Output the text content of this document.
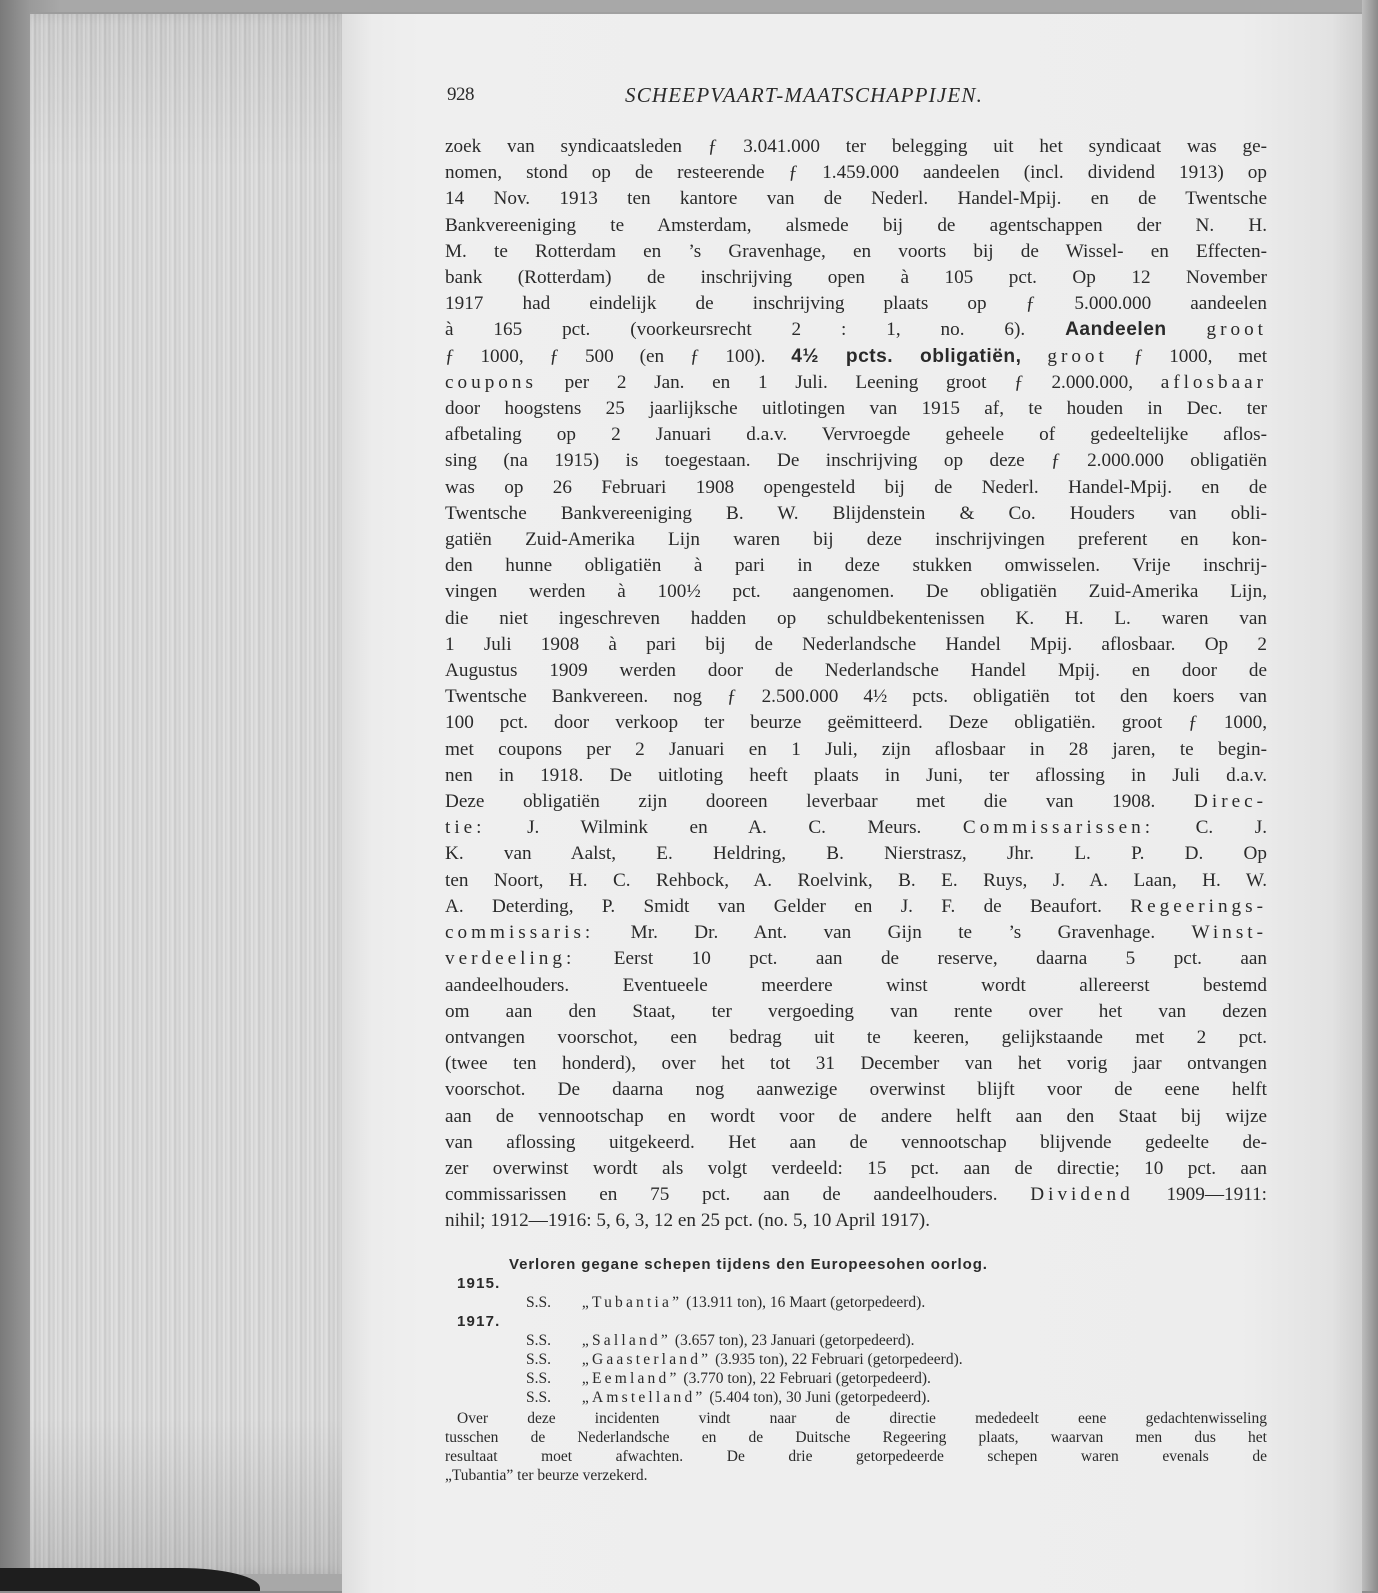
928	SCHEEPVAART-MAATSCHAPPIJEN.
zoek van syndicaatsleden ƒ 3.041.000 ter belegging uit het syndicaat was ge-
nomen, stond op de resteerende ƒ 1.459.000 aandeelen (incl. dividend 1913) op
14 Nov. 1913 ten kantore van de Nederl. Handel-Mpij. en de Twentsche
Bankvereeniging te Amsterdam, alsmede bij de agentschappen der N. H.
M. te Rotterdam en ’s Gravenhage, en voorts bij de Wissel- en Effecten-
bank (Rotterdam) de inschrijving open à 105 pct. Op 12 November
1917 had eindelijk de inschrijving plaats op ƒ 5.000.000 aandeelen
à 165 pct. (voorkeursrecht 2 : 1, no. 6). Aandeelen groot
ƒ 1000, ƒ 500 (en ƒ 100). 4½ pcts. obligatiën, groot ƒ 1000, met
coupons per 2 Jan. en 1 Juli. Leening groot ƒ 2.000.000, aflosbaar
door hoogstens 25 jaarlijksche uitlotingen van 1915 af, te houden in Dec. ter
afbetaling op 2 Januari d.a.v. Vervroegde geheele of gedeeltelijke aflos-
sing (na 1915) is toegestaan. De inschrijving op deze ƒ 2.000.000 obligatiën
was op 26 Februari 1908 opengesteld bij de Nederl. Handel-Mpij. en de
Twentsche Bankvereeniging B. W. Blijdenstein & Co. Houders van obli-
gatiën Zuid-Amerika Lijn waren bij deze inschrijvingen preferent en kon-
den hunne obligatiën à pari in deze stukken omwisselen. Vrije inschrij-
vingen werden à 100½ pct. aangenomen. De obligatiën Zuid-Amerika Lijn,
die niet ingeschreven hadden op schuldbekentenissen K. H. L. waren van
1 Juli 1908 à pari bij de Nederlandsche Handel Mpij. aflosbaar. Op 2
Augustus 1909 werden door de Nederlandsche Handel Mpij. en door de
Twentsche Bankvereen. nog ƒ 2.500.000 4½ pcts. obligatiën tot den koers van
100 pct. door verkoop ter beurze geëmitteerd. Deze obligatiën. groot ƒ 1000,
met coupons per 2 Januari en 1 Juli, zijn aflosbaar in 28 jaren, te begin-
nen in 1918. De uitloting heeft plaats in Juni, ter aflossing in Juli d.a.v.
Deze obligatiën zijn dooreen leverbaar met die van 1908. Direc-
tie: J. Wilmink en A. C. Meurs. Commissarissen: C. J.
K. van Aalst, E. Heldring, B. Nierstrasz, Jhr. L. P. D. Op
ten Noort, H. C. Rehbock, A. Roelvink, B. E. Ruys, J. A. Laan, H. W.
A. Deterding, P. Smidt van Gelder en J. F. de Beaufort. Regeerings-
commissaris: Mr. Dr. Ant. van Gijn te ’s Gravenhage. Winst-
verdeeling: Eerst 10 pct. aan de reserve, daarna 5 pct. aan
aandeelhouders. Eventueele meerdere winst wordt allereerst bestemd
om aan den Staat, ter vergoeding van rente over het van dezen
ontvangen voorschot, een bedrag uit te keeren, gelijkstaande met 2 pct.
(twee ten honderd), over het tot 31 December van het vorig jaar ontvangen
voorschot. De daarna nog aanwezige overwinst blijft voor de eene helft
aan de vennootschap en wordt voor de andere helft aan den Staat bij wijze
van aflossing uitgekeerd. Het aan de vennootschap blijvende gedeelte de-
zer overwinst wordt als volgt verdeeld: 15 pct. aan de directie; 10 pct. aan
commissarissen en 75 pct. aan de aandeelhouders. Dividend 1909—1911:
nihil; 1912—1916: 5, 6, 3, 12 en 25 pct. (no. 5, 10 April 1917).
Verloren gegane schepen tijdens den Europeesohen oorlog.
1915.
S.S. „Tubantia” (13.911 ton), 16 Maart (getorpedeerd).
1917.
S.S. „Salland” (3.657 ton), 23 Januari (getorpedeerd).
S.S. „Gaasterland” (3.935 ton), 22 Februari (getorpedeerd).
S.S. „Eemland” (3.770 ton), 22 Februari (getorpedeerd).
S.S. „Amstelland” (5.404 ton), 30 Juni (getorpedeerd).
Over deze incidenten vindt naar de directie mededeelt eene gedachtenwisseling
tusschen de Nederlandsche en de Duitsche Regeering plaats, waarvan men dus het
resultaat moet afwachten. De drie getorpedeerde schepen waren evenals de
„Tubantia” ter beurze verzekerd.
